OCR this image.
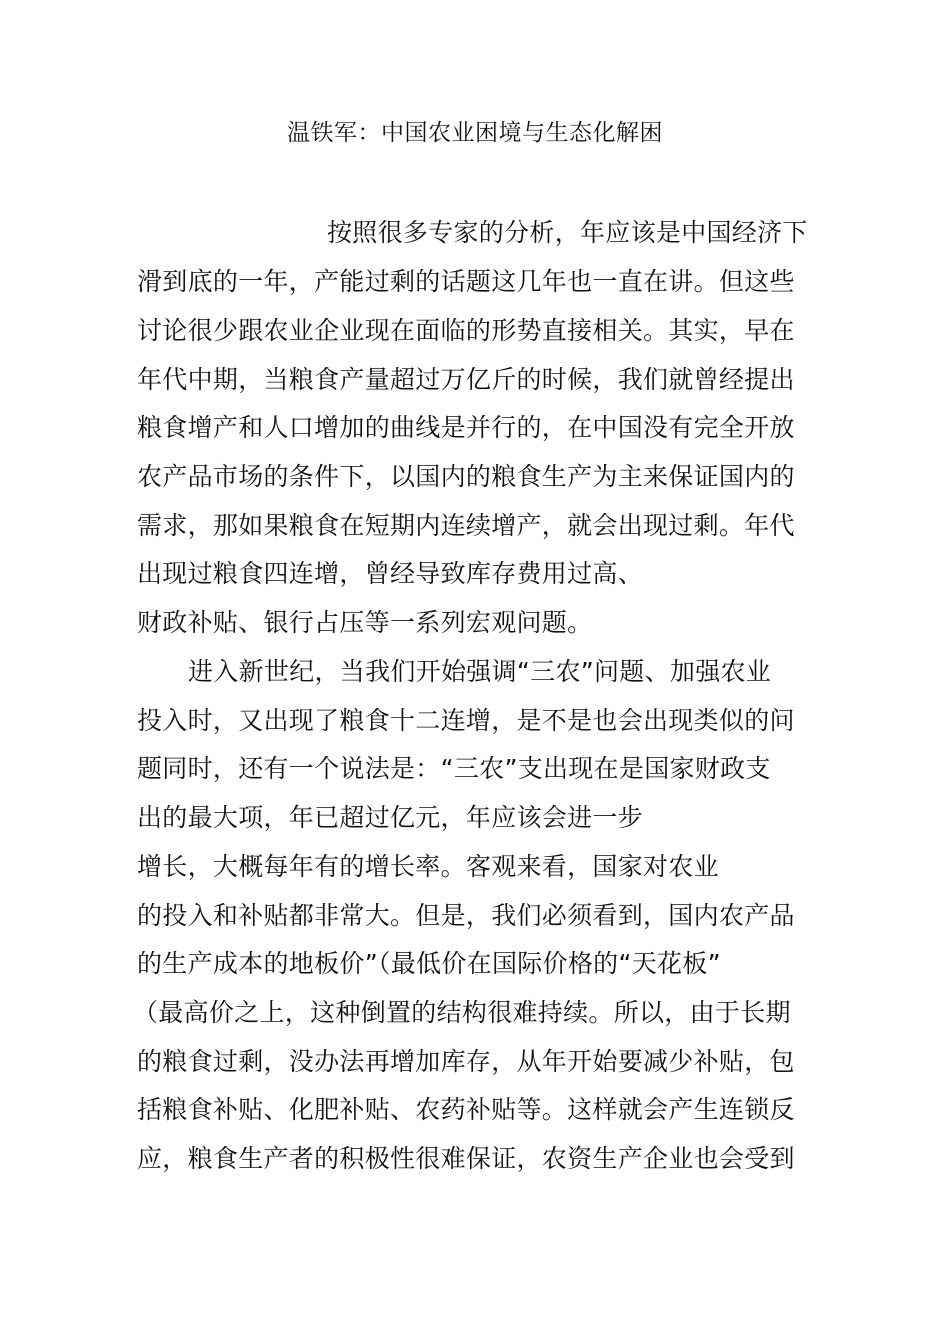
温铁军：中国农业困境与生态化解困
按照很多专家的分析，年应该是中国经济下
滑到底的一年，产能过剩的话题这几年也一直在讲。但这些
讨论很少跟农业企业现在面临的形势直接相关。其实，早在
年代中期，当粮食产量超过万亿斤的时候，我们就曾经提出
粮食增产和人口增加的曲线是并行的，在中国没有完全开放
农产品市场的条件下，以国内的粮食生产为主来保证国内的
需求，那如果粮食在短期内连续增产，就会出现过剩。年代
出现过粮食四连增，曾经导致库存费用过高、
财政补贴、银行占压等一系列宏观问题。
进入新世纪，当我们开始强调“三农”问题、加强农业
投入时，又出现了粮食十二连增，是不是也会出现类似的问
题同时，还有一个说法是：“三农”支出现在是国家财政支
出的最大项，年已超过亿元，年应该会进一步
增长，大概每年有的增长率。客观来看，国家对农业
的投入和补贴都非常大。但是，我们必须看到，国内农产品
的生产成本的地板价”（最低价在国际价格的“天花板”
（最高价之上，这种倒置的结构很难持续。所以，由于长期
的粮食过剩，没办法再增加库存，从年开始要减少补贴，包
括粮食补贴、化肥补贴、农药补贴等。这样就会产生连锁反
应，粮食生产者的积极性很难保证，农资生产企业也会受到
